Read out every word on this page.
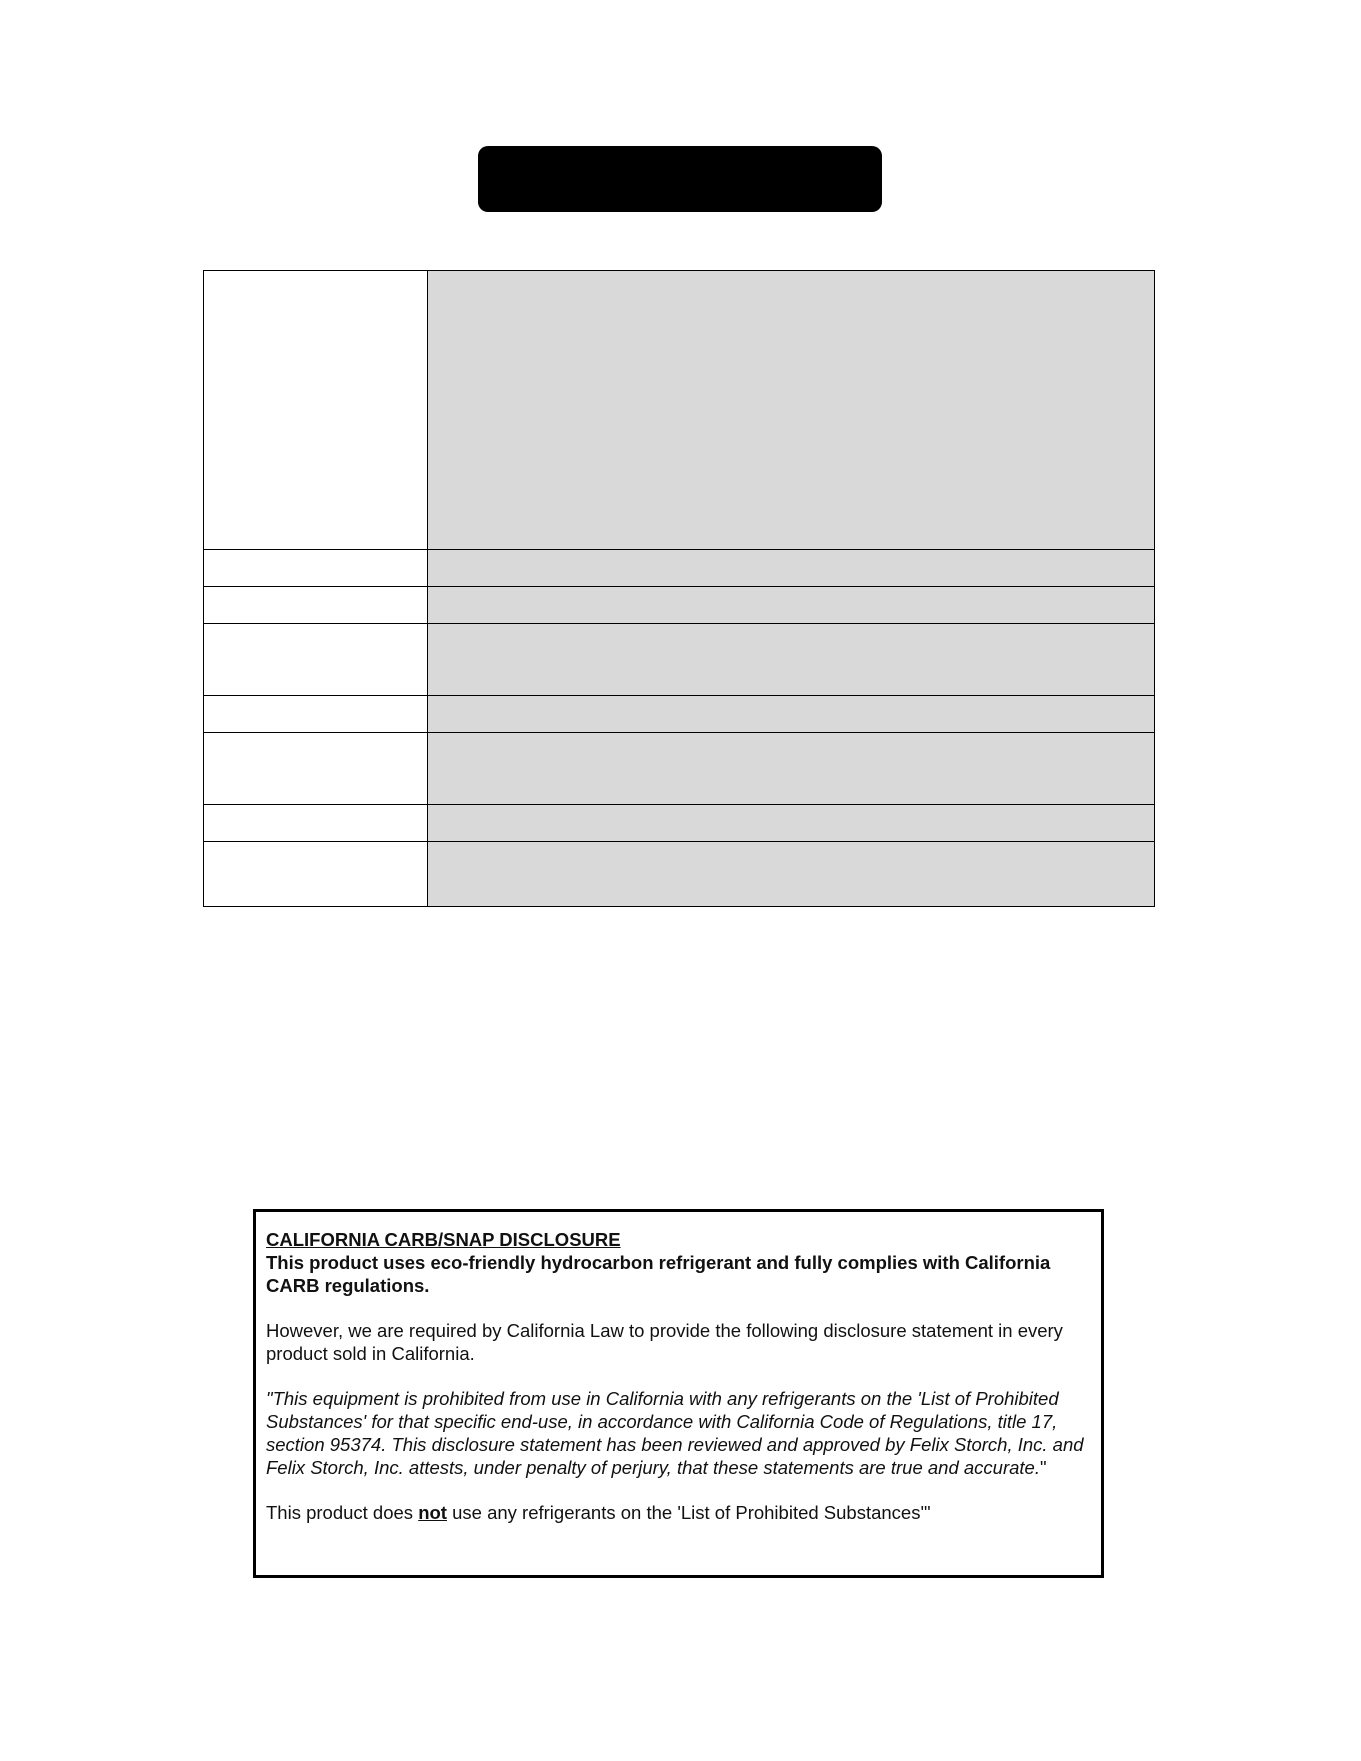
CALIFORNIA CARB/SNAP DISCLOSURE

This product uses eco-friendly hydrocarbon refrigerant and fully complies with California CARB regulations.

However, we are required by California Law to provide the following disclosure statement in every product sold in California.

"This equipment is prohibited from use in California with any refrigerants on the 'List of Prohibited Substances' for that specific end-use, in accordance with California Code of Regulations, title 17, section 95374. This disclosure statement has been reviewed and approved by Felix Storch, Inc. and Felix Storch, Inc. attests, under penalty of perjury, that these statements are true and accurate."

This product does not use any refrigerants on the 'List of Prohibited Substances'"
